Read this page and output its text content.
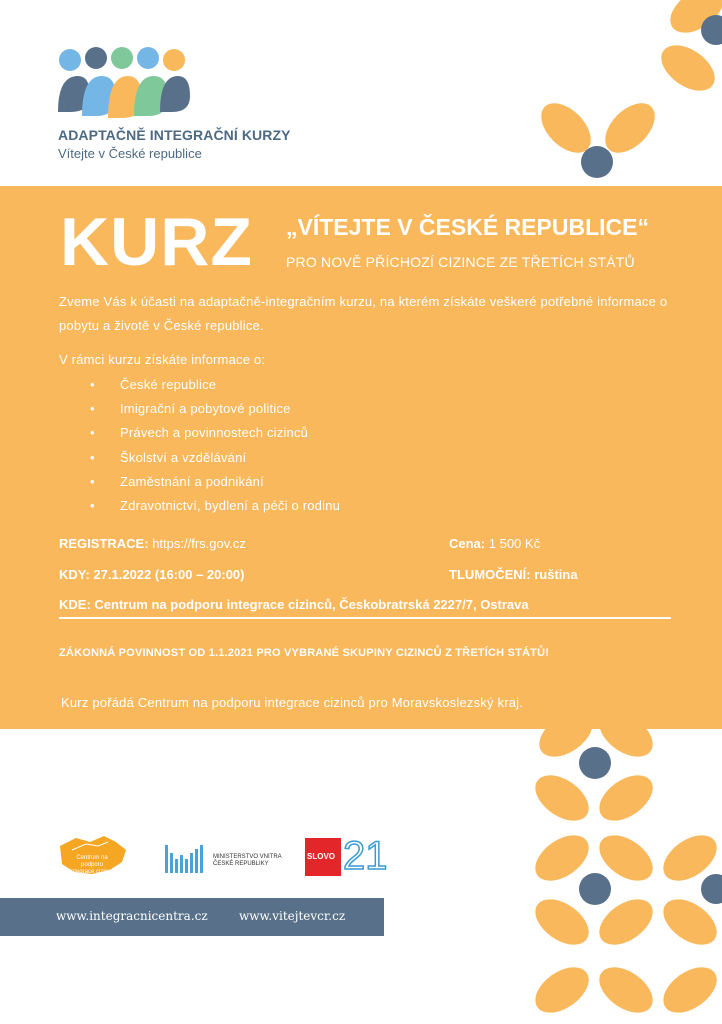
ADAPTAČNĚ INTEGRAČNÍ KURZY
Vítejte v České republice
KURZ „VÍTEJTE V ČESKÉ REPUBLICE“
PRO NOVĚ PŘÍCHOZÍ CIZINCE ZE TŘETÍCH STÁTŮ
Zveme Vás k účasti na adaptačně-integračním kurzu, na kterém získáte veškeré potřebné informace o pobytu a životě v České republice.
V rámci kurzu získáte informace o:
• České republice
• Imigrační a pobytové politice
• Právech a povinnostech cizinců
• Školství a vzdělávání
• Zaměstnání a podnikání
• Zdravotnictví, bydlení a péči o rodinu
REGISTRACE: https://frs.gov.cz	Cena: 1 500 Kč
KDY: 27.1.2022 (16:00 – 20:00)	TLUMOČENÍ: ruština
KDE: Centrum na podporu integrace cizinců, Českobratrská 2227/7, Ostrava
ZÁKONNÁ POVINNOST OD 1.1.2021 PRO VYBRANÉ SKUPINY CIZINCŮ Z TŘETÍCH STÁTŮ!
Kurz pořádá Centrum na podporu integrace cizinců pro Moravskoslezský kraj.
Centrum na podporu
integrace cizinců
MINISTERSTVO VNITRA
ČESKÉ REPUBLIKY
SLOVO 21
www.integracnicentra.cz	www.vitejtevcr.cz
